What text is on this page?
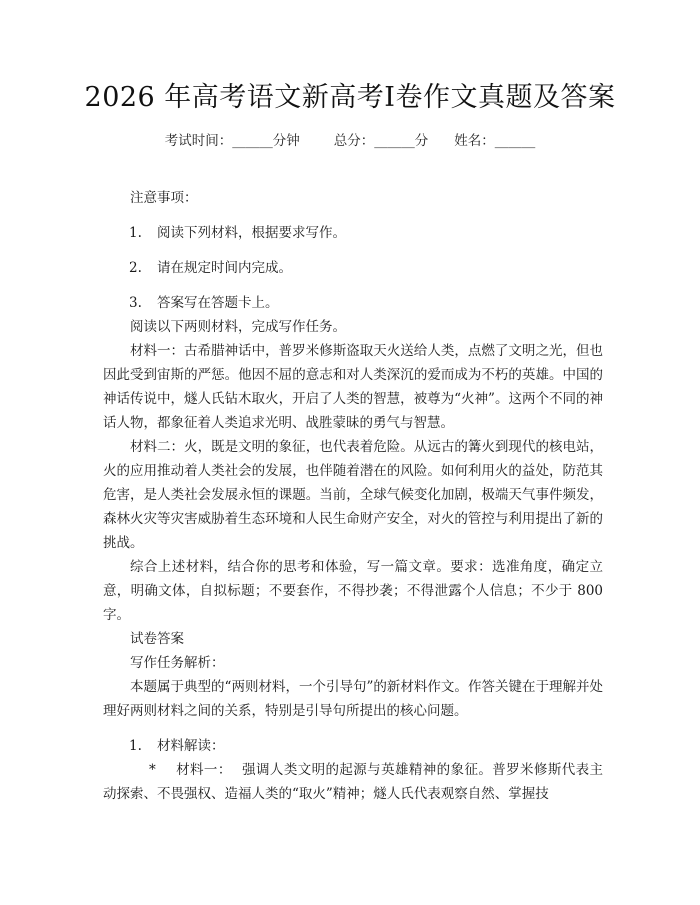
2026 年高考语文新高考Ⅰ卷作文真题及答案
考试时间：______分钟	总分：______分 姓名：______

注意事项：

1.	阅读下列材料，根据要求写作。
2.	请在规定时间内完成。
3.	答案写在答题卡上。

阅读以下两则材料，完成写作任务。

材料一：古希腊神话中，普罗米修斯盗取天火送给人类，点燃了文明之光，但也因此受到宙斯的严惩。他因不屈的意志和对人类深沉的爱而成为不朽的英雄。中国的神话传说中，燧人氏钻木取火，开启了人类的智慧，被尊为“火神”。这两个不同的神话人物，都象征着人类追求光明、战胜蒙昧的勇气与智慧。

材料二：火，既是文明的象征，也代表着危险。从远古的篝火到现代的核电站，火的应用推动着人类社会的发展，也伴随着潜在的风险。如何利用火的益处，防范其危害，是人类社会发展永恒的课题。当前，全球气候变化加剧，极端天气事件频发，森林火灾等灾害威胁着生态环境和人民生命财产安全，对火的管控与利用提出了新的挑战。

综合上述材料，结合你的思考和体验，写一篇文章。要求：选准角度，确定立意，明确文体，自拟标题；不要套作，不得抄袭；不得泄露个人信息；不少于 800 字。

试卷答案

写作任务解析：

本题属于典型的“两则材料，一个引导句”的新材料作文。作答关键在于理解并处理好两则材料之间的关系，特别是引导句所提出的核心问题。

1.	材料解读：

* 材料一： 强调人类文明的起源与英雄精神的象征。普罗米修斯代表主动探索、不畏强权、造福人类的“取火”精神；燧人氏代表观察自然、掌握技
